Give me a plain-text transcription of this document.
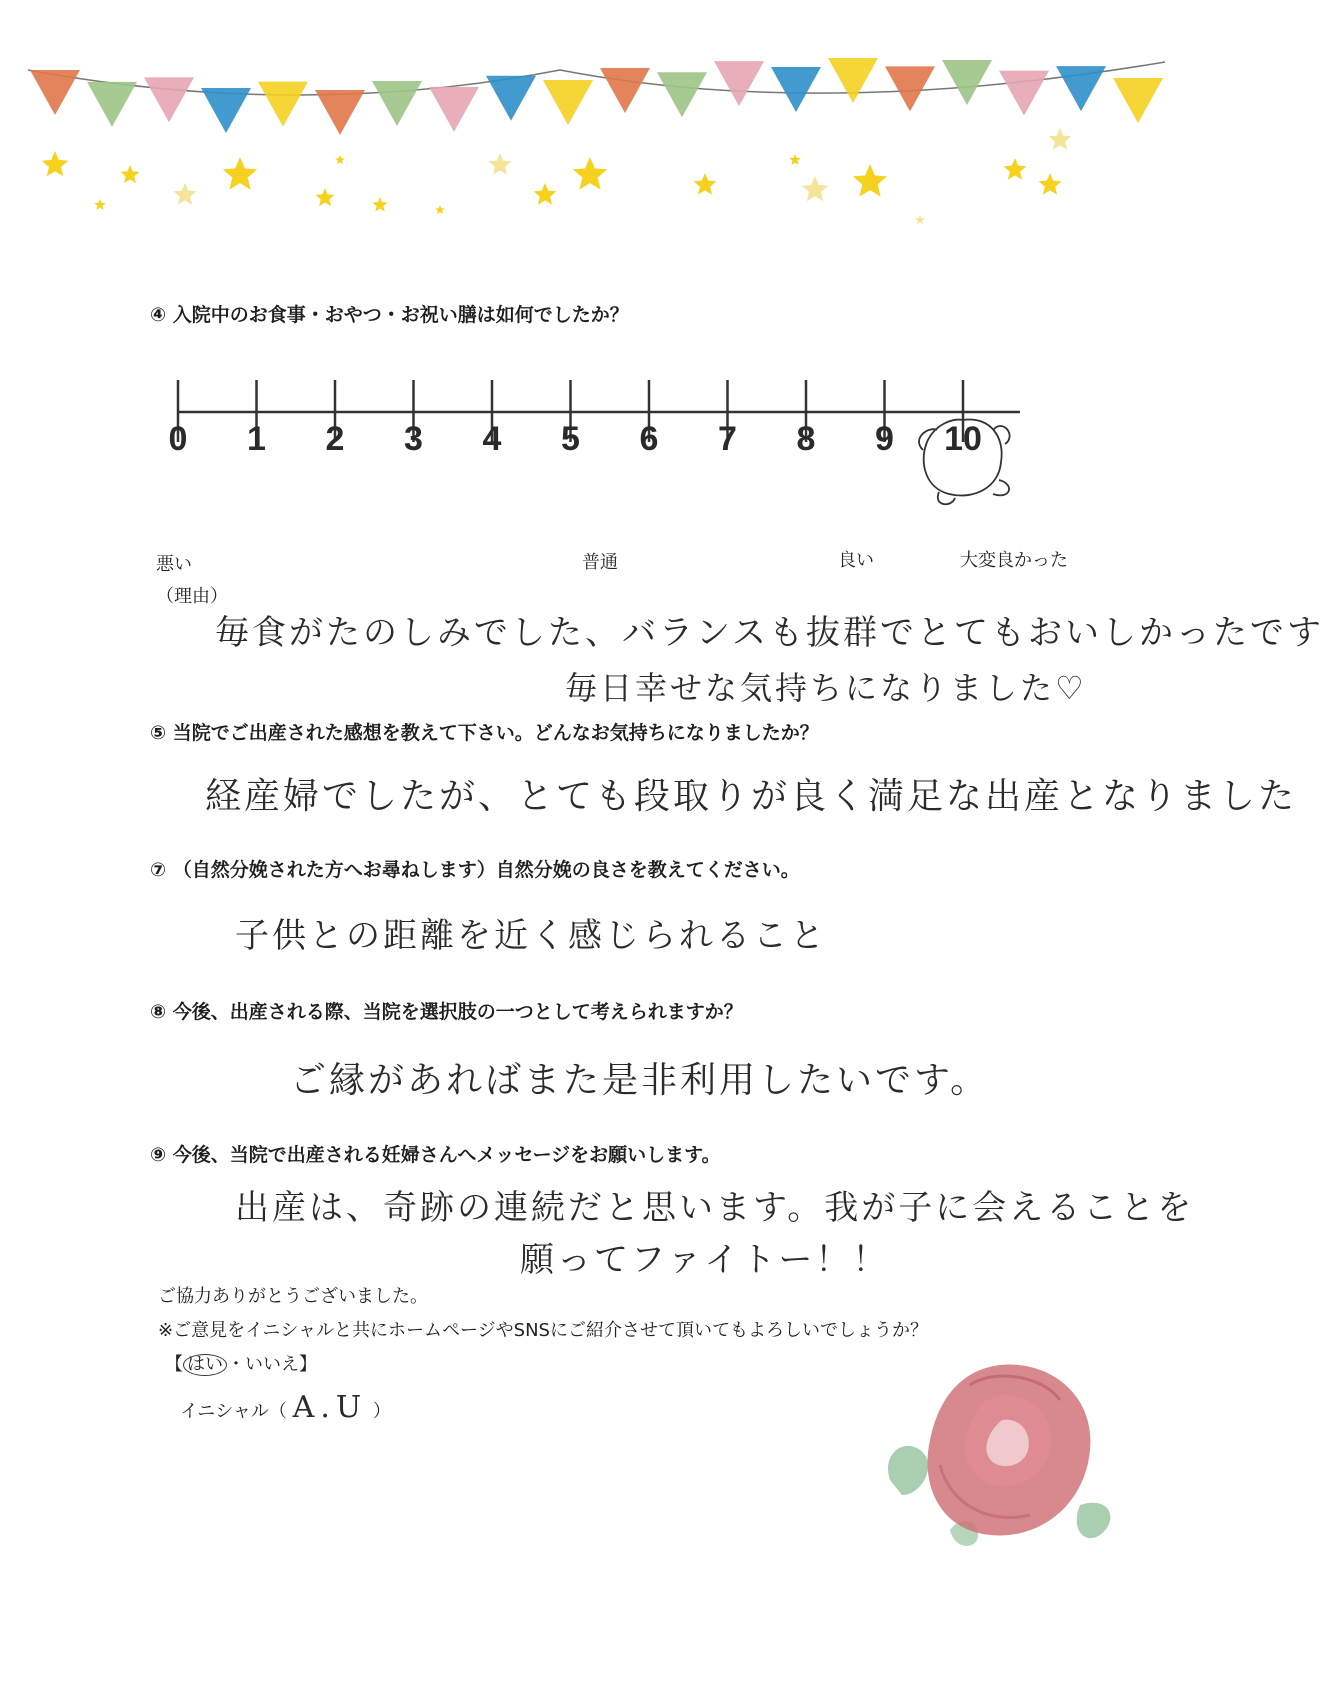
④ 入院中のお食事・おやつ・お祝い膳は如何でしたか？
0	1	2	3	4	5	6	7	8	9	10
悪い	普通	良い	大変良かった
（理由）
毎食がたのしみでした、バランスも抜群でとてもおいしかったです
毎日幸せな気持ちになりました♡
⑤ 当院でご出産された感想を教えて下さい。どんなお気持ちになりましたか？
経産婦でしたが、とても段取りが良く満足な出産となりました
⑦ （自然分娩された方へお尋ねします）自然分娩の良さを教えてください。
子供との距離を近く感じられること
⑧ 今後、出産される際、当院を選択肢の一つとして考えられますか？
ご縁があればまた是非利用したいです。
⑨ 今後、当院で出産される妊婦さんへメッセージをお願いします。
出産は、奇跡の連続だと思います。我が子に会えることを
願ってファイトー！！
ご協力ありがとうございました。
※ご意見をイニシャルと共にホームページやSNSにご紹介させて頂いてもよろしいでしょうか？
【 はい ・いいえ】
イニシャル（ A.U ）
